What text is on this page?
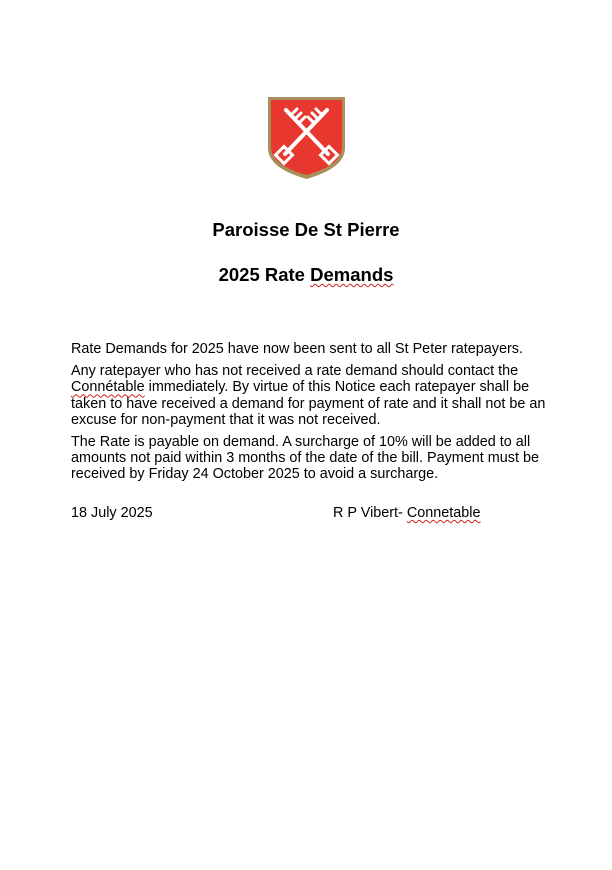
Paroisse De St Pierre
2025 Rate Demands

Rate Demands for 2025 have now been sent to all St Peter ratepayers.

Any ratepayer who has not received a rate demand should contact the Connétable immediately. By virtue of this Notice each ratepayer shall be taken to have received a demand for payment of rate and it shall not be an excuse for non-payment that it was not received.

The Rate is payable on demand. A surcharge of 10% will be added to all amounts not paid within 3 months of the date of the bill. Payment must be received by Friday 24 October 2025 to avoid a surcharge.

18 July 2025	R P Vibert- Connetable
